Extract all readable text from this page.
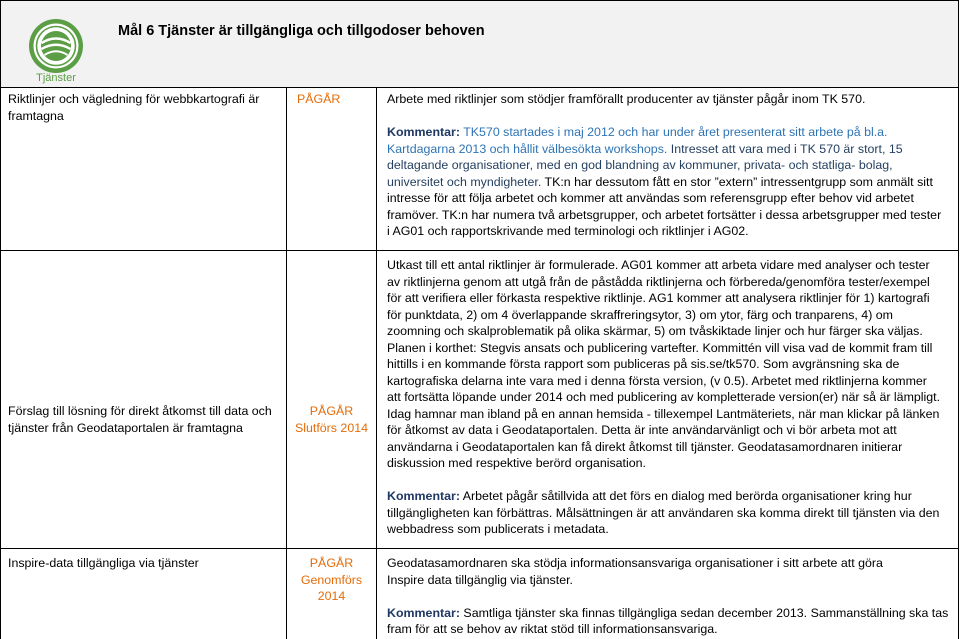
Tjänster
Mål 6 Tjänster är tillgängliga och tillgodoser behoven
Riktlinjer och vägledning för webbkartografi är
framtagna
PÅGÅR	Arbete med riktlinjer som stödjer framförallt producenter av tjänster pågår inom TK 570.
Kommentar: TK570 startades i maj 2012 och har under året presenterat sitt arbete på bl.a.
Kartdagarna 2013 och hållit välbesökta workshops. Intresset att vara med i TK 570 är stort, 15
deltagande organisationer, med en god blandning av kommuner, privata- och statliga- bolag,
universitet och myndigheter. TK:n har dessutom fått en stor ”extern” intressentgrupp som anmält sitt
intresse för att följa arbetet och kommer att användas som referensgrupp efter behov vid arbetet
framöver. TK:n har numera två arbetsgrupper, och arbetet fortsätter i dessa arbetsgrupper med tester
i AG01 och rapportskrivande med terminologi och riktlinjer i AG02.
Förslag till lösning för direkt åtkomst till data och
tjänster från Geodataportalen är framtagna
PÅGÅR
Slutförs 2014
Utkast till ett antal riktlinjer är formulerade. AG01 kommer att arbeta vidare med analyser och tester
av riktlinjerna genom att utgå från de påstådda riktlinjerna och förbereda/genomföra tester/exempel
för att verifiera eller förkasta respektive riktlinje. AG1 kommer att analysera riktlinjer för 1) kartografi
för punktdata, 2) om 4 överlappande skraffreringsytor, 3) om ytor, färg och tranparens, 4) om
zoomning och skalproblematik på olika skärmar, 5) om tvåskiktade linjer och hur färger ska väljas.
Planen i korthet: Stegvis ansats och publicering vartefter. Kommittén vill visa vad de kommit fram till
hittills i en kommande första rapport som publiceras på sis.se/tk570. Som avgränsning ska de
kartografiska delarna inte vara med i denna första version, (v 0.5). Arbetet med riktlinjerna kommer
att fortsätta löpande under 2014 och med publicering av kompletterade version(er) när så är lämpligt.
Idag hamnar man ibland på en annan hemsida - tillexempel Lantmäteriets, när man klickar på länken
för åtkomst av data i Geodataportalen. Detta är inte användarvänligt och vi bör arbeta mot att
användarna i Geodataportalen kan få direkt åtkomst till tjänster. Geodatasamordnaren initierar
diskussion med respektive berörd organisation.
Kommentar: Arbetet pågår såtillvida att det förs en dialog med berörda organisationer kring hur
tillgängligheten kan förbättras. Målsättningen är att användaren ska komma direkt till tjänsten via den
webbadress som publicerats i metadata.
Inspire-data tillgängliga via tjänster	PÅGÅR
Genomförs
2014
Geodatasamordnaren ska stödja informationsansvariga organisationer i sitt arbete att göra
Inspire data tillgänglig via tjänster.
Kommentar: Samtliga tjänster ska finnas tillgängliga sedan december 2013. Sammanställning ska tas
fram för att se behov av riktat stöd till informationsansvariga.
